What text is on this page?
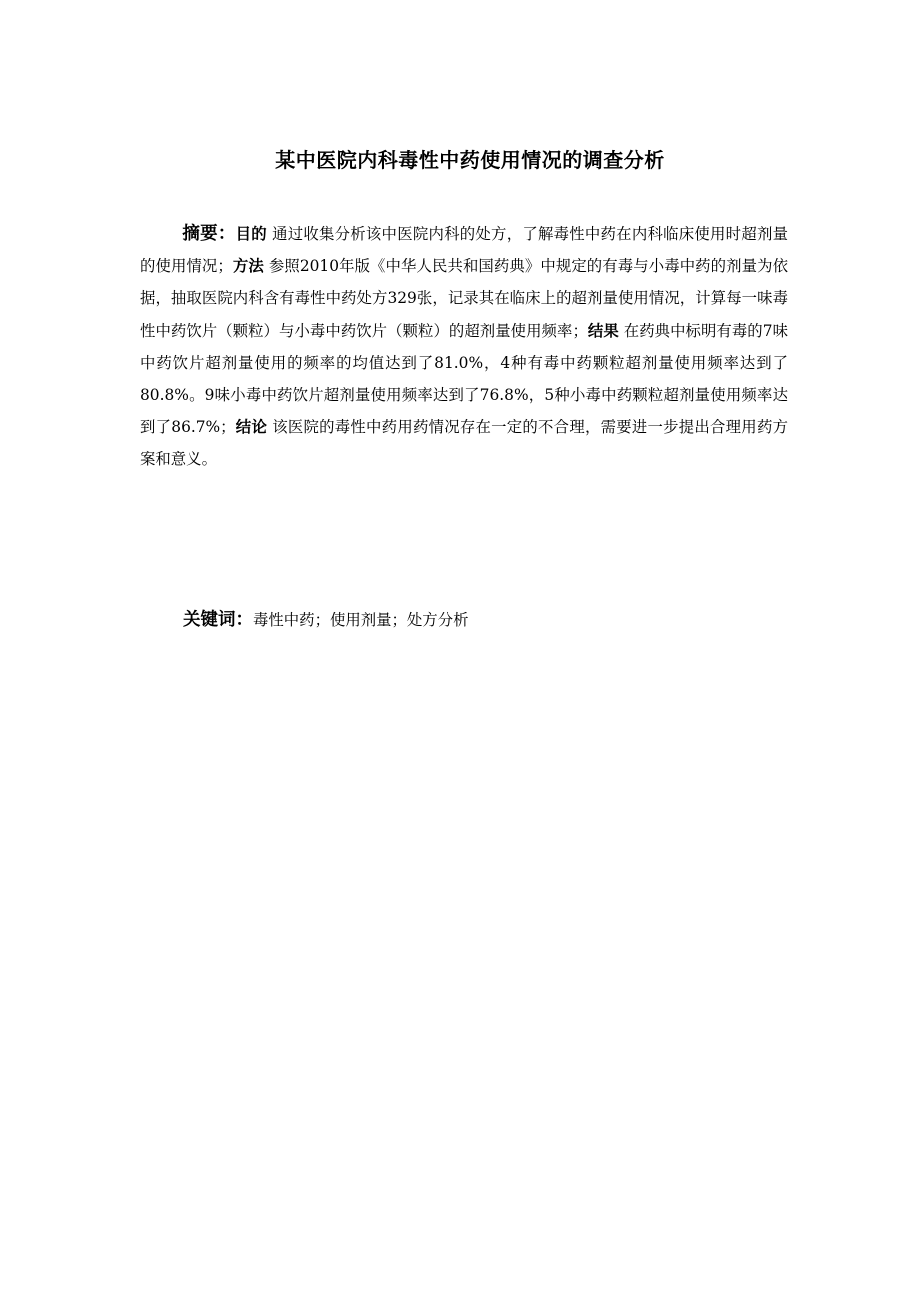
某中医院内科毒性中药使用情况的调查分析

摘要：目的 通过收集分析该中医院内科的处方，了解毒性中药在内科临床使用时超剂量的使用情况；方法 参照2010年版《中华人民共和国药典》中规定的有毒与小毒中药的剂量为依据，抽取医院内科含有毒性中药处方329张，记录其在临床上的超剂量使用情况，计算每一味毒性中药饮片（颗粒）与小毒中药饮片（颗粒）的超剂量使用频率；结果 在药典中标明有毒的7味中药饮片超剂量使用的频率的均值达到了81.0%，4种有毒中药颗粒超剂量使用频率达到了80.8%。9味小毒中药饮片超剂量使用频率达到了76.8%，5种小毒中药颗粒超剂量使用频率达到了86.7%；结论 该医院的毒性中药用药情况存在一定的不合理，需要进一步提出合理用药方案和意义。

关键词：毒性中药；使用剂量；处方分析
